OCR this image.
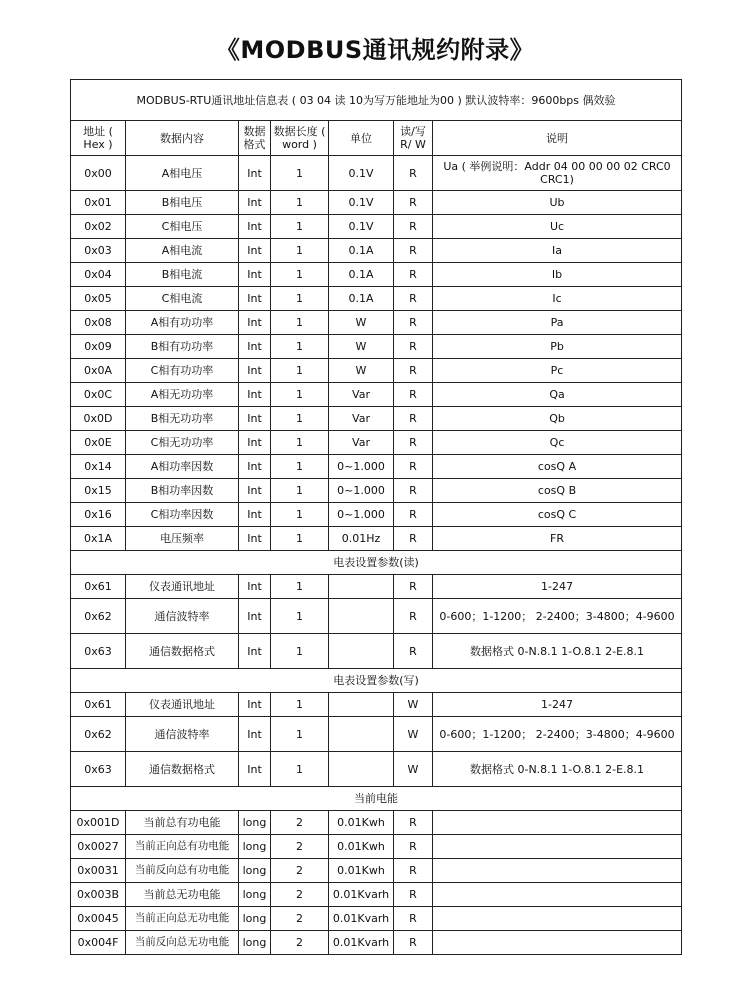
《MODBUS通讯规约附录》
MODBUS-RTU通讯地址信息表 ( 03 04 读 10为写万能地址为00 ) 默认波特率：9600bps 偶效验						
地址 ( Hex )	数据内容	数据格式	数据长度 ( word )	单位	读/写 R/ W	说明
0x00	A相电压	Int	1	0.1V	R	Ua ( 举例说明：Addr 04 00 00 00 02 CRC0 CRC1)
0x01	B相电压	Int	1	0.1V	R	Ub
0x02	C相电压	Int	1	0.1V	R	Uc
0x03	A相电流	Int	1	0.1A	R	Ia
0x04	B相电流	Int	1	0.1A	R	Ib
0x05	C相电流	Int	1	0.1A	R	Ic
0x08	A相有功功率	Int	1	W	R	Pa
0x09	B相有功功率	Int	1	W	R	Pb
0x0A	C相有功功率	Int	1	W	R	Pc
0x0C	A相无功功率	Int	1	Var	R	Qa
0x0D	B相无功功率	Int	1	Var	R	Qb
0x0E	C相无功功率	Int	1	Var	R	Qc
0x14	A相功率因数	Int	1	0~1.000	R	cosQ A
0x15	B相功率因数	Int	1	0~1.000	R	cosQ B
0x16	C相功率因数	Int	1	0~1.000	R	cosQ C
0x1A	电压频率	Int	1	0.01Hz	R	FR
电表设置参数(读)						
0x61	仪表通讯地址	Int	1		R	1-247
0x62	通信波特率	Int	1		R	0-600；1-1200； 2-2400；3-4800；4-9600
0x63	通信数据格式	Int	1		R	数据格式 0-N.8.1 1-O.8.1 2-E.8.1
电表设置参数(写)						
0x61	仪表通讯地址	Int	1		W	1-247
0x62	通信波特率	Int	1		W	0-600；1-1200； 2-2400；3-4800；4-9600
0x63	通信数据格式	Int	1		W	数据格式 0-N.8.1 1-O.8.1 2-E.8.1
当前电能						
0x001D	当前总有功电能	long	2	0.01Kwh	R	
0x0027	当前正向总有功电能	long	2	0.01Kwh	R	
0x0031	当前反向总有功电能	long	2	0.01Kwh	R	
0x003B	当前总无功电能	long	2	0.01Kvarh	R	
0x0045	当前正向总无功电能	long	2	0.01Kvarh	R	
0x004F	当前反向总无功电能	long	2	0.01Kvarh	R	
